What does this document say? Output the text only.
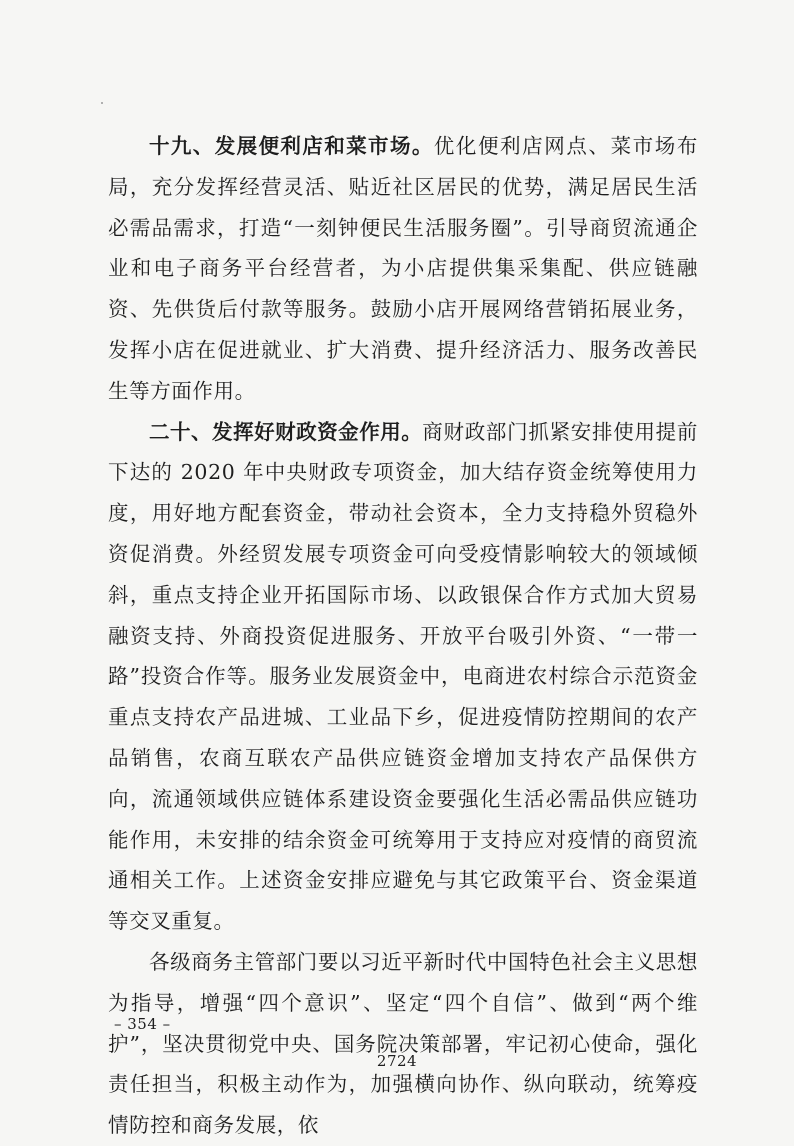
十九、发展便利店和菜市场。优化便利店网点、菜市场布局，充分发挥经营灵活、贴近社区居民的优势，满足居民生活必需品需求，打造“一刻钟便民生活服务圈”。引导商贸流通企业和电子商务平台经营者，为小店提供集采集配、供应链融资、先供货后付款等服务。鼓励小店开展网络营销拓展业务，发挥小店在促进就业、扩大消费、提升经济活力、服务改善民生等方面作用。

二十、发挥好财政资金作用。商财政部门抓紧安排使用提前下达的 2020 年中央财政专项资金，加大结存资金统筹使用力度，用好地方配套资金，带动社会资本，全力支持稳外贸稳外资促消费。外经贸发展专项资金可向受疫情影响较大的领域倾斜，重点支持企业开拓国际市场、以政银保合作方式加大贸易融资支持、外商投资促进服务、开放平台吸引外资、“一带一路”投资合作等。服务业发展资金中，电商进农村综合示范资金重点支持农产品进城、工业品下乡，促进疫情防控期间的农产品销售，农商互联农产品供应链资金增加支持农产品保供方向，流通领域供应链体系建设资金要强化生活必需品供应链功能作用，未安排的结余资金可统筹用于支持应对疫情的商贸流通相关工作。上述资金安排应避免与其它政策平台、资金渠道等交叉重复。

各级商务主管部门要以习近平新时代中国特色社会主义思想为指导，增强“四个意识”、坚定“四个自信”、做到“两个维护”，坚决贯彻党中央、国务院决策部署，牢记初心使命，强化责任担当，积极主动作为，加强横向协作、纵向联动，统筹疫情防控和商务发展，依

– 354 –
2724
